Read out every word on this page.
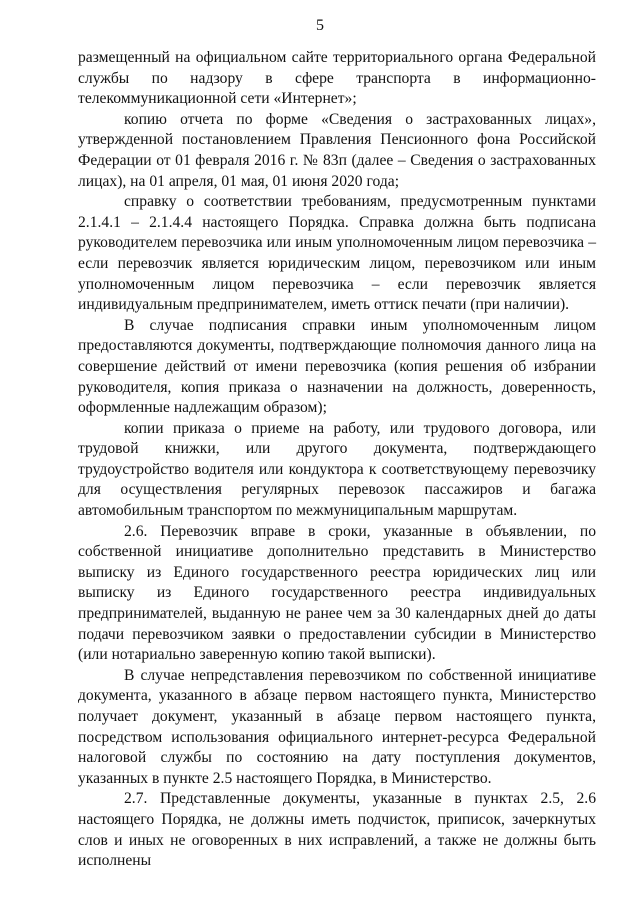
5

размещенный на официальном сайте территориального органа Федеральной службы по надзору в сфере транспорта в информационно-телекоммуникационной сети «Интернет»;

копию отчета по форме «Сведения о застрахованных лицах», утвержденной постановлением Правления Пенсионного фона Российской Федерации от 01 февраля 2016 г. № 83п (далее – Сведения о застрахованных лицах), на 01 апреля, 01 мая, 01 июня 2020 года;

справку о соответствии требованиям, предусмотренным пунктами 2.1.4.1 – 2.1.4.4 настоящего Порядка. Справка должна быть подписана руководителем перевозчика или иным уполномоченным лицом перевозчика – если перевозчик является юридическим лицом, перевозчиком или иным уполномоченным лицом перевозчика – если перевозчик является индивидуальным предпринимателем, иметь оттиск печати (при наличии).

В случае подписания справки иным уполномоченным лицом предоставляются документы, подтверждающие полномочия данного лица на совершение действий от имени перевозчика (копия решения об избрании руководителя, копия приказа о назначении на должность, доверенность, оформленные надлежащим образом);

копии приказа о приеме на работу, или трудового договора, или трудовой книжки, или другого документа, подтверждающего трудоустройство водителя или кондуктора к соответствующему перевозчику для осуществления регулярных перевозок пассажиров и багажа автомобильным транспортом по межмуниципальным маршрутам.

2.6. Перевозчик вправе в сроки, указанные в объявлении, по собственной инициативе дополнительно представить в Министерство выписку из Единого государственного реестра юридических лиц или выписку из Единого государственного реестра индивидуальных предпринимателей, выданную не ранее чем за 30 календарных дней до даты подачи перевозчиком заявки о предоставлении субсидии в Министерство (или нотариально заверенную копию такой выписки).

В случае непредставления перевозчиком по собственной инициативе документа, указанного в абзаце первом настоящего пункта, Министерство получает документ, указанный в абзаце первом настоящего пункта, посредством использования официального интернет-ресурса Федеральной налоговой службы по состоянию на дату поступления документов, указанных в пункте 2.5 настоящего Порядка, в Министерство.

2.7. Представленные документы, указанные в пунктах 2.5, 2.6 настоящего Порядка, не должны иметь подчисток, приписок, зачеркнутых слов и иных не оговоренных в них исправлений, а также не должны быть исполнены
